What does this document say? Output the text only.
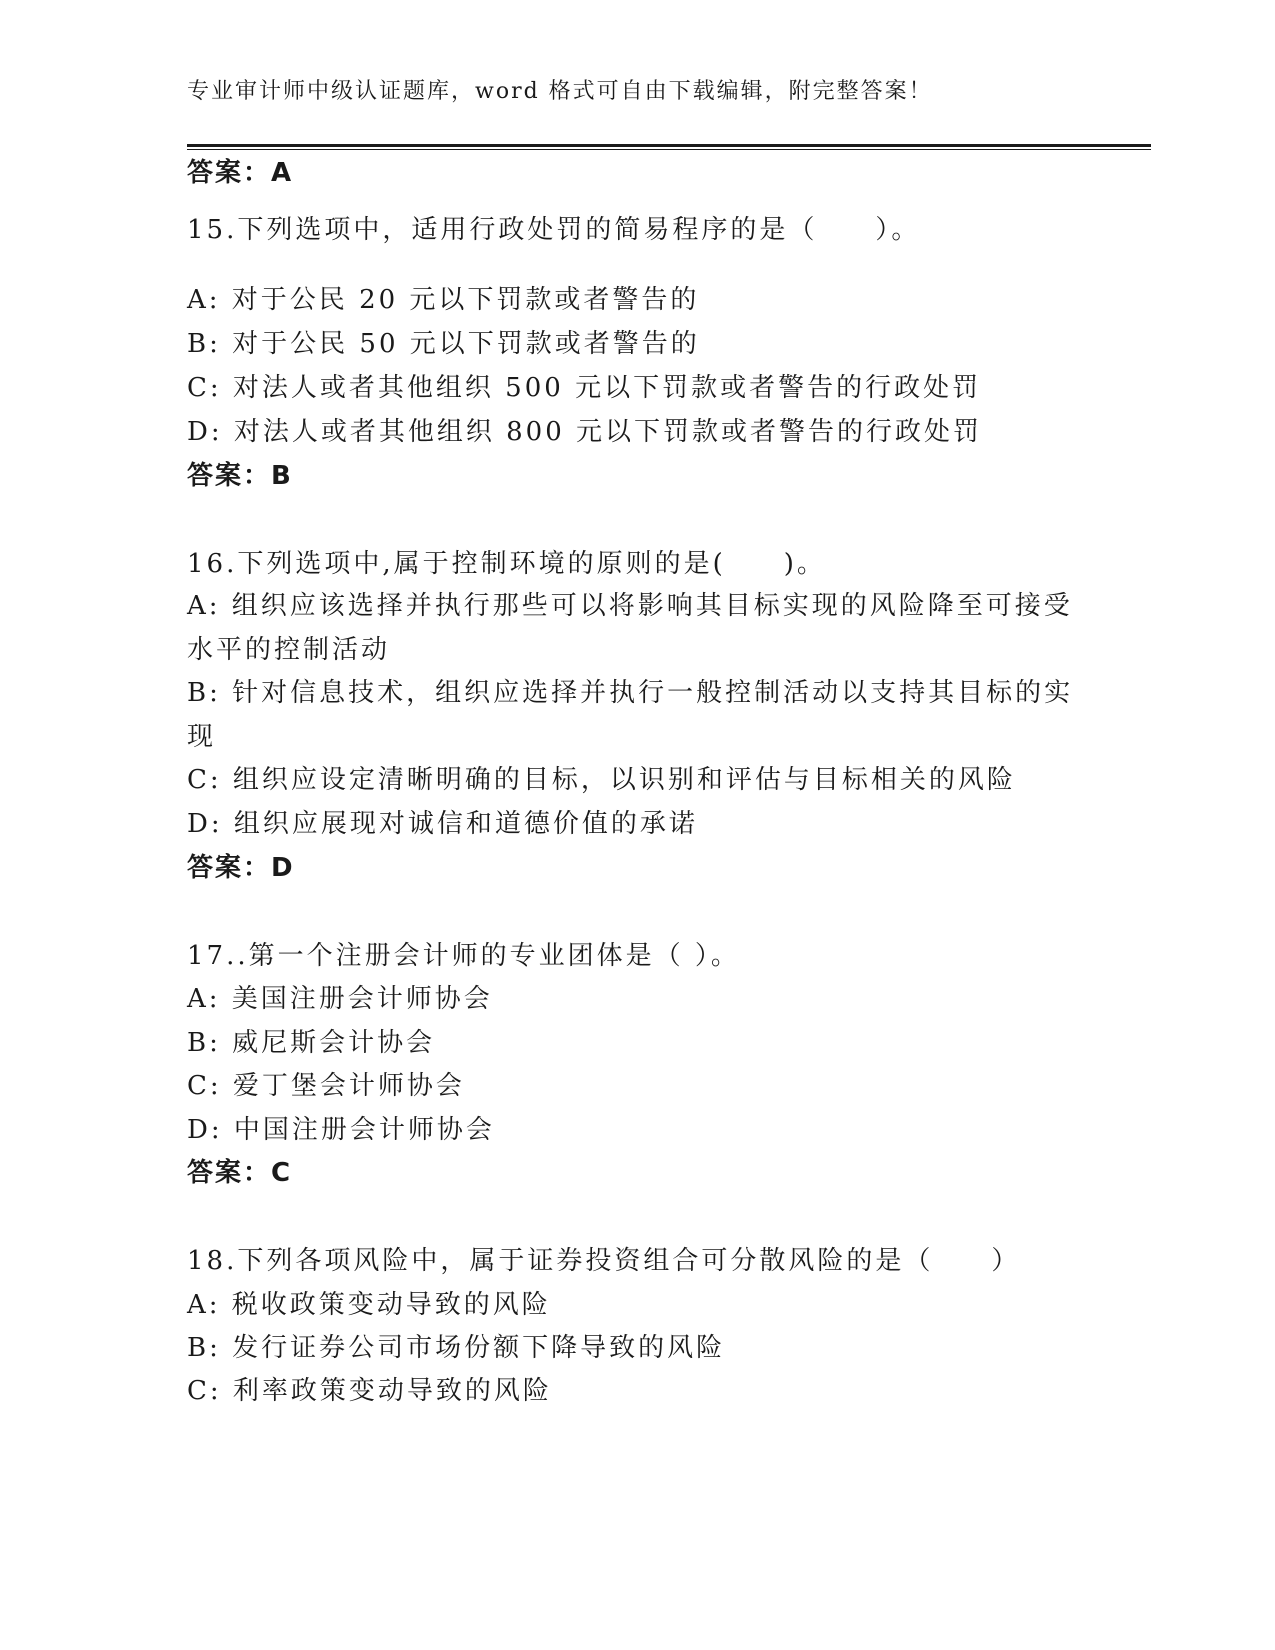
专业审计师中级认证题库，word 格式可自由下载编辑，附完整答案！
答案：A
15.下列选项中，适用行政处罚的简易程序的是（　　）。
A: 对于公民 20 元以下罚款或者警告的
B: 对于公民 50 元以下罚款或者警告的
C: 对法人或者其他组织 500 元以下罚款或者警告的行政处罚
D: 对法人或者其他组织 800 元以下罚款或者警告的行政处罚
答案：B
16.下列选项中,属于控制环境的原则的是(　　)。
A: 组织应该选择并执行那些可以将影响其目标实现的风险降至可接受
水平的控制活动
B: 针对信息技术，组织应选择并执行一般控制活动以支持其目标的实
现
C: 组织应设定清晰明确的目标，以识别和评估与目标相关的风险
D: 组织应展现对诚信和道德价值的承诺
答案：D
17..第一个注册会计师的专业团体是（ ）。
A: 美国注册会计师协会
B: 威尼斯会计协会
C: 爱丁堡会计师协会
D: 中国注册会计师协会
答案：C
18.下列各项风险中，属于证券投资组合可分散风险的是（　　）
A: 税收政策变动导致的风险
B: 发行证券公司市场份额下降导致的风险
C: 利率政策变动导致的风险
